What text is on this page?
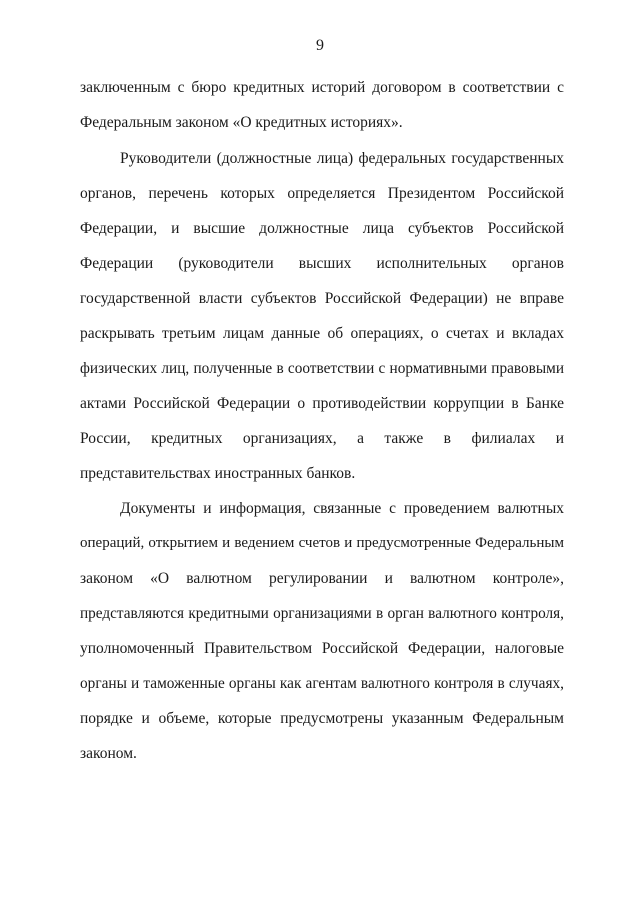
9
заключенным с бюро кредитных историй договором в соответствии с
Федеральным законом «О кредитных историях».
Руководители (должностные лица) федеральных государственных
органов, перечень которых определяется Президентом Российской
Федерации, и высшие должностные лица субъектов Российской
Федерации (руководители высших исполнительных органов
государственной власти субъектов Российской Федерации) не вправе
раскрывать третьим лицам данные об операциях, о счетах и вкладах
физических лиц, полученные в соответствии с нормативными правовыми
актами Российской Федерации о противодействии коррупции в Банке
России, кредитных организациях, а также в филиалах и
представительствах иностранных банков.
Документы и информация, связанные с проведением валютных
операций, открытием и ведением счетов и предусмотренные Федеральным
законом «О валютном регулировании и валютном контроле»,
представляются кредитными организациями в орган валютного контроля,
уполномоченный Правительством Российской Федерации, налоговые
органы и таможенные органы как агентам валютного контроля в случаях,
порядке и объеме, которые предусмотрены указанным Федеральным
законом.
